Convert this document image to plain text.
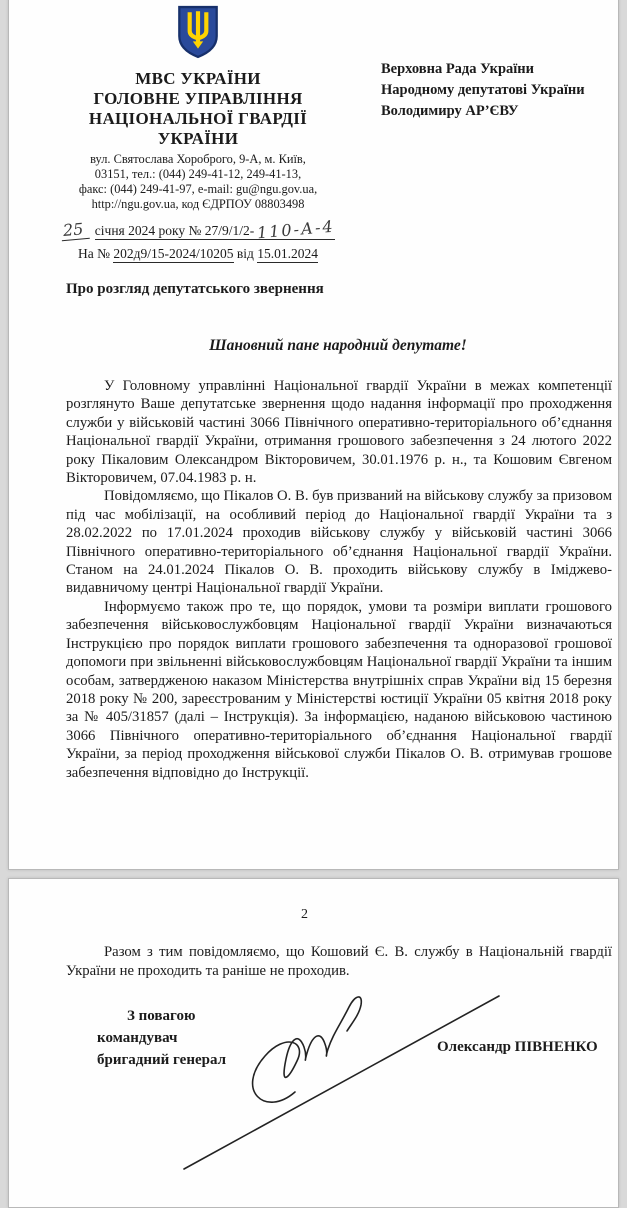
МВС УКРАЇНИ
ГОЛОВНЕ УПРАВЛІННЯ
НАЦІОНАЛЬНОЇ ГВАРДІЇ
УКРАЇНИ
вул. Святослава Хороброго, 9-А, м. Київ,
03151, тел.: (044) 249-41-12, 249-41-13,
факс: (044) 249-41-97, e-mail: gu@ngu.gov.ua,
http://ngu.gov.ua, код ЄДРПОУ 08803498
25 січня 2024 року № 27/9/1/2- 110-А-4
На № 202д9/15-2024/10205 від 15.01.2024
Верховна Рада України
Народному депутатові України
Володимиру АР’ЄВУ
Про розгляд депутатського звернення
Шановний пане народний депутате!

У Головному управлінні Національної гвардії України в межах компетенції розглянуто Ваше депутатське звернення щодо надання інформації про проходження служби у військовій частині 3066 Північного оперативно-територіального об’єднання Національної гвардії України, отримання грошового забезпечення з 24 лютого 2022 року Пікаловим Олександром Вікторовичем, 30.01.1976 р. н., та Кошовим Євгеном Вікторовичем, 07.04.1983 р. н.

Повідомляємо, що Пікалов О. В. був призваний на військову службу за призовом під час мобілізації, на особливий період до Національної гвардії України та з 28.02.2022 по 17.01.2024 проходив військову службу у військовій частині 3066 Північного оперативно-територіального об’єднання Національної гвардії України. Станом на 24.01.2024 Пікалов О. В. проходить військову службу в Іміджево-видавничому центрі Національної гвардії України.

Інформуємо також про те, що порядок, умови та розміри виплати грошового забезпечення військовослужбовцям Національної гвардії України визначаються Інструкцією про порядок виплати грошового забезпечення та одноразової грошової допомоги при звільненні військовослужбовцям Національної гвардії України та іншим особам, затвердженою наказом Міністерства внутрішніх справ України від 15 березня 2018 року № 200, зареєстрованим у Міністерстві юстиції України 05 квітня 2018 року за № 405/31857 (далі – Інструкція). За інформацією, наданою військовою частиною 3066 Північного оперативно-територіального об’єднання Національної гвардії України, за період проходження військової служби Пікалов О. В. отримував грошове забезпечення відповідно до Інструкції.

2

Разом з тим повідомляємо, що Кошовий Є. В. службу в Національній гвардії України не проходить та раніше не проходив.

З повагою
командувач
бригадний генерал
Олександр ПІВНЕНКО
